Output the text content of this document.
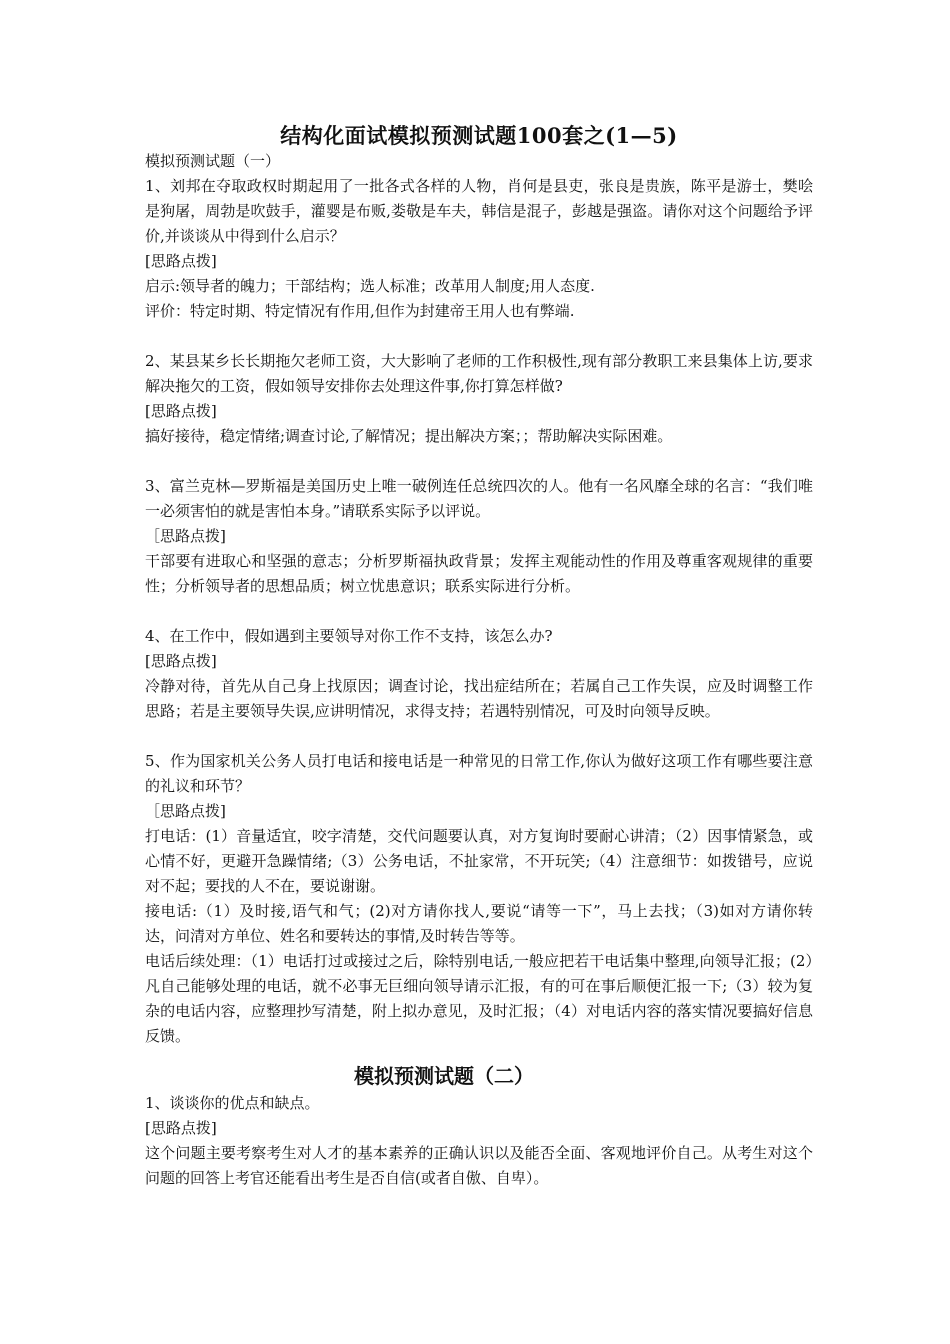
结构化面试模拟预测试题100套之(1—5)

模拟预测试题（一）

1、刘邦在夺取政权时期起用了一批各式各样的人物，肖何是县吏，张良是贵族，陈平是游士，樊哙是狗屠，周勃是吹鼓手，灌婴是布贩,娄敬是车夫，韩信是混子，彭越是强盗。请你对这个问题给予评价,并谈谈从中得到什么启示？

[思路点拨]

启示:领导者的魄力；干部结构；选人标准；改革用人制度;用人态度.

评价：特定时期、特定情况有作用,但作为封建帝王用人也有弊端.

2、某县某乡长长期拖欠老师工资，大大影响了老师的工作积极性,现有部分教职工来县集体上访,要求解决拖欠的工资，假如领导安排你去处理这件事,你打算怎样做?

[思路点拨]

搞好接待，稳定情绪;调查讨论,了解情况；提出解决方案；；帮助解决实际困难。

3、富兰克林—罗斯福是美国历史上唯一破例连任总统四次的人。他有一名风靡全球的名言：“我们唯一必须害怕的就是害怕本身。”请联系实际予以评说。

［思路点拨]

干部要有进取心和坚强的意志；分析罗斯福执政背景；发挥主观能动性的作用及尊重客观规律的重要性；分析领导者的思想品质；树立忧患意识；联系实际进行分析。

4、在工作中，假如遇到主要领导对你工作不支持，该怎么办?

[思路点拨]

冷静对待，首先从自己身上找原因；调查讨论，找出症结所在；若属自己工作失误，应及时调整工作思路；若是主要领导失误,应讲明情况，求得支持；若遇特别情况，可及时向领导反映。

5、作为国家机关公务人员打电话和接电话是一种常见的日常工作,你认为做好这项工作有哪些要注意的礼议和环节？

［思路点拨]

打电话：(1）音量适宜，咬字清楚，交代问题要认真，对方复询时要耐心讲清；（2）因事情紧急，或心情不好，更避开急躁情绪;（3）公务电话，不扯家常，不开玩笑;（4）注意细节：如拨错号，应说对不起；要找的人不在，要说谢谢。

接电话:（1）及时接,语气和气；(2)对方请你找人,要说“请等一下”，马上去找；（3)如对方请你转达，问清对方单位、姓名和要转达的事情,及时转告等等。

电话后续处理：（1）电话打过或接过之后，除特别电话,一般应把若干电话集中整理,向领导汇报；(2）凡自己能够处理的电话，就不必事无巨细向领导请示汇报，有的可在事后顺便汇报一下;（3）较为复杂的电话内容，应整理抄写清楚，附上拟办意见，及时汇报；（4）对电话内容的落实情况要搞好信息反馈。

模拟预测试题（二）

1、谈谈你的优点和缺点。

[思路点拨]

这个问题主要考察考生对人才的基本素养的正确认识以及能否全面、客观地评价自己。从考生对这个问题的回答上考官还能看出考生是否自信(或者自傲、自卑）。
